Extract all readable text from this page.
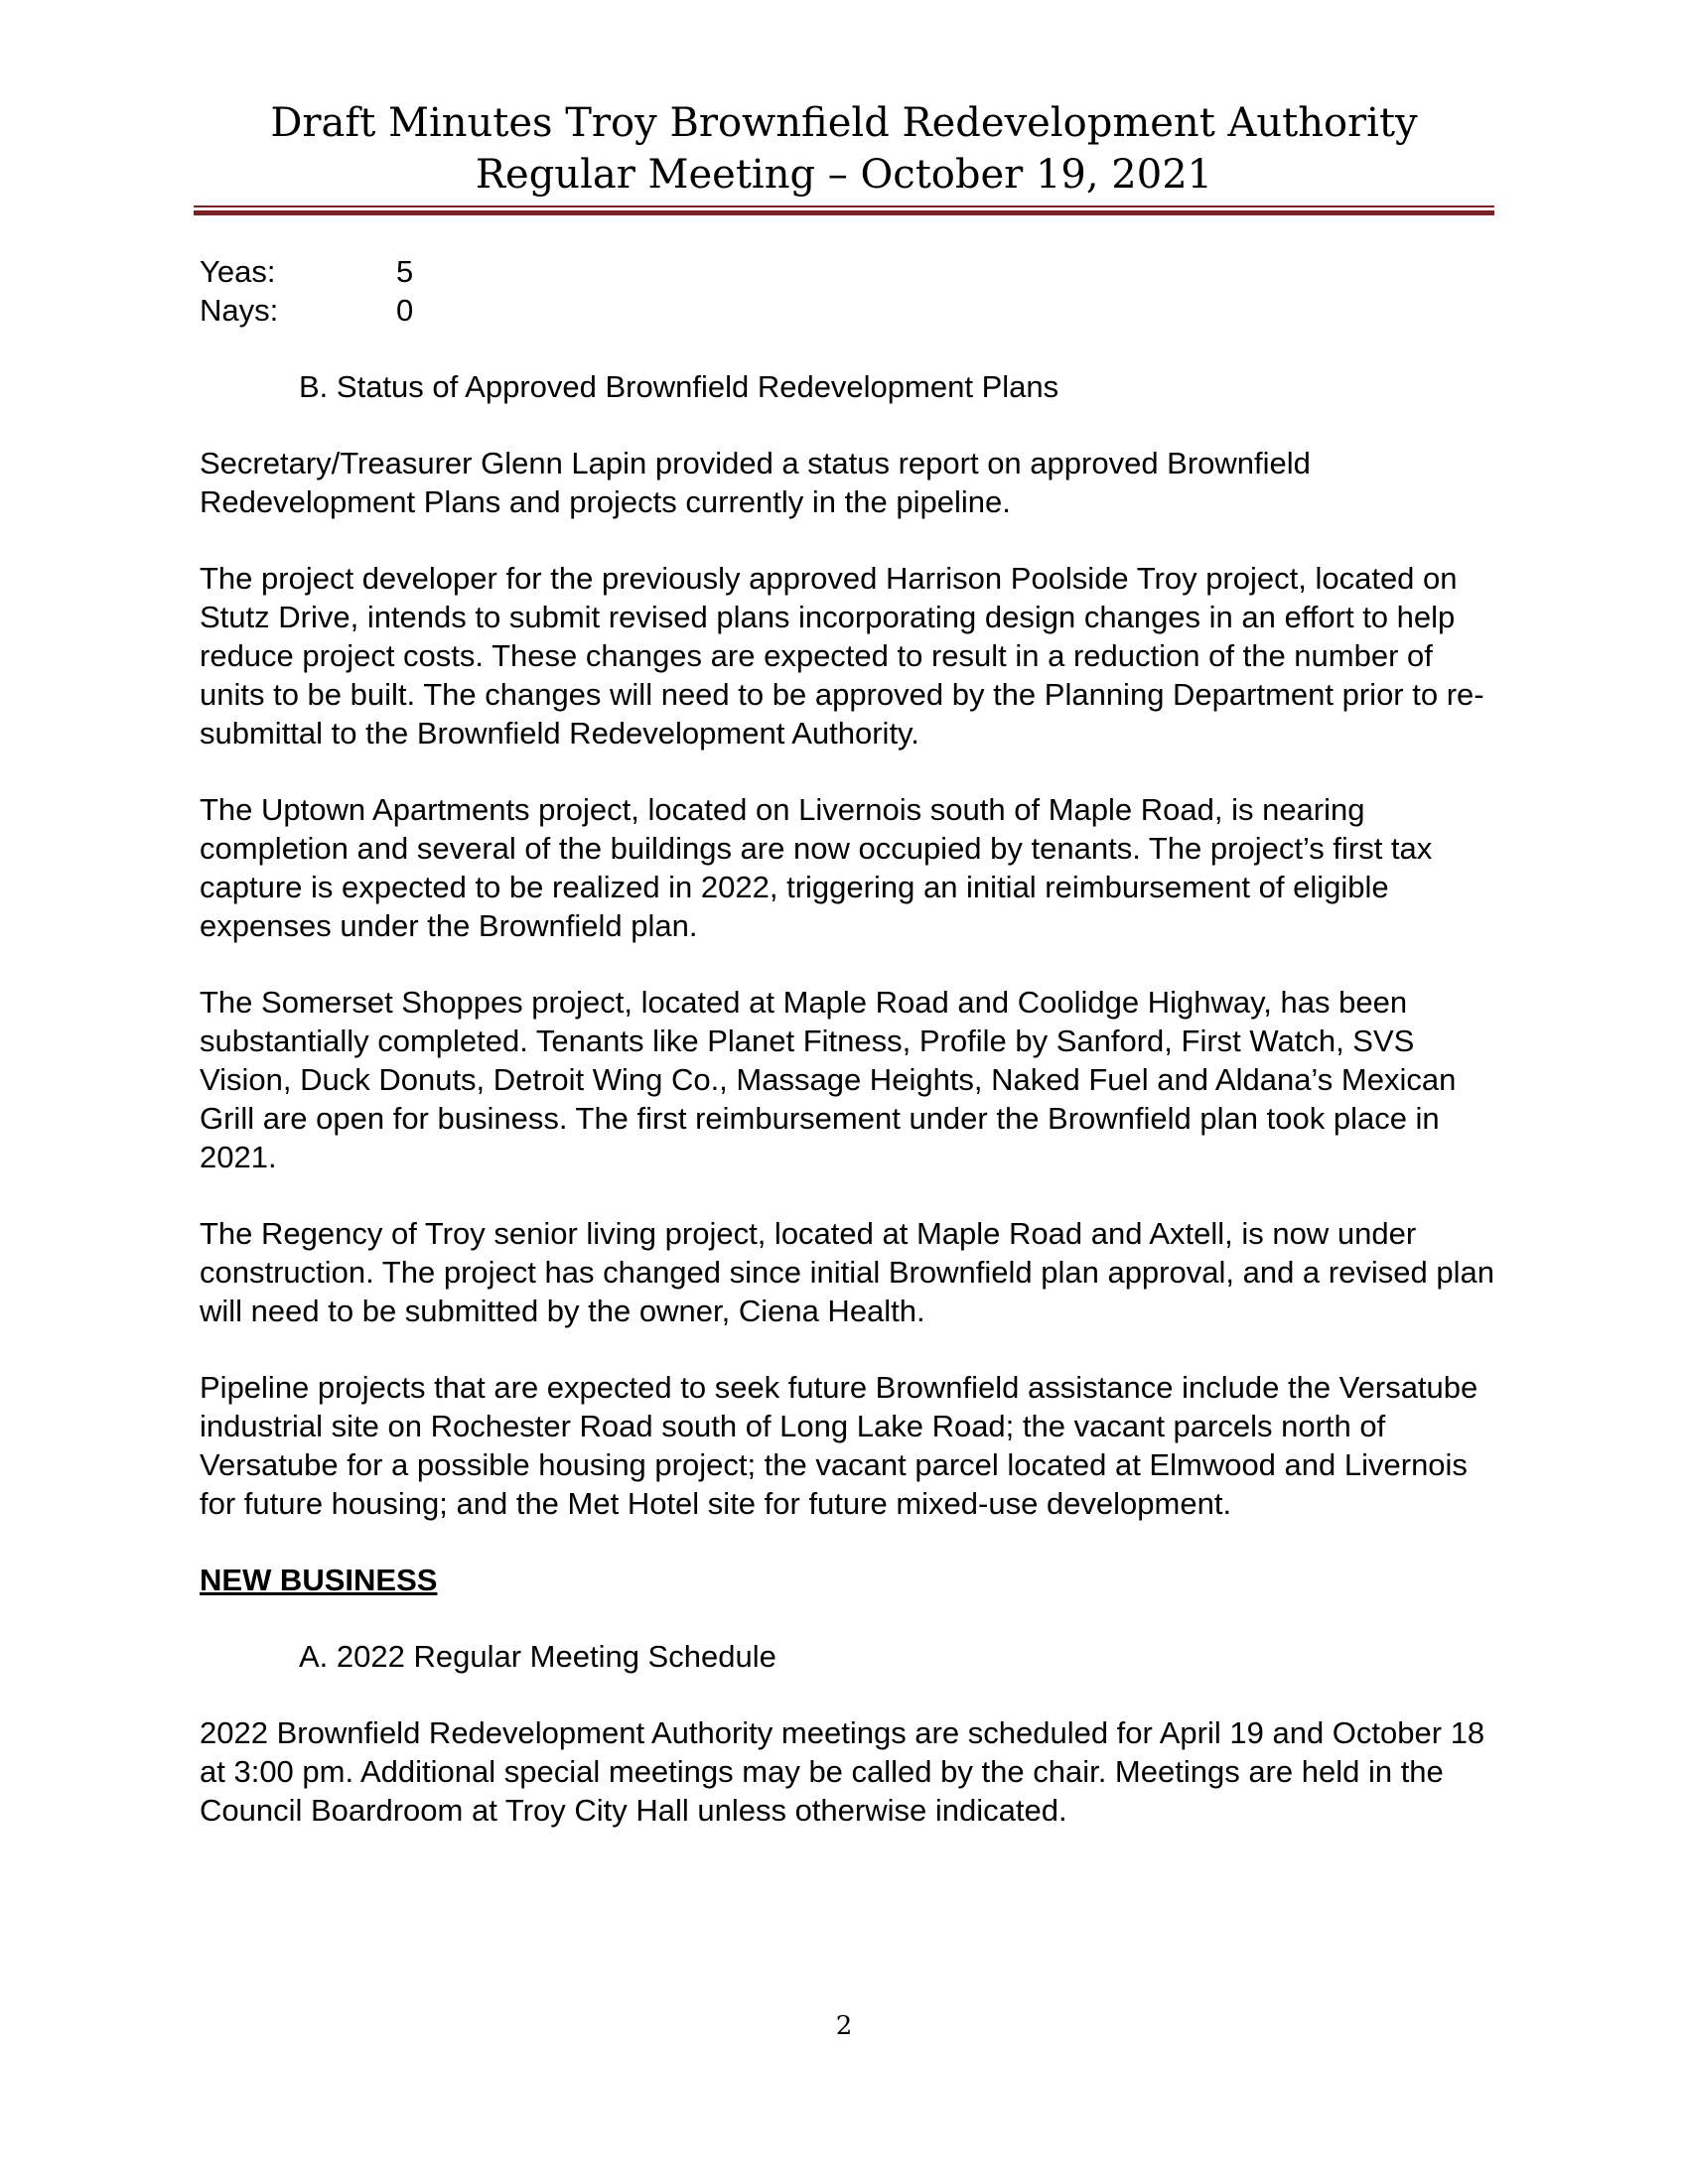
Draft Minutes Troy Brownfield Redevelopment Authority
Regular Meeting – October 19, 2021
Yeas:	5
Nays:	0

B. Status of Approved Brownfield Redevelopment Plans

Secretary/Treasurer Glenn Lapin provided a status report on approved Brownfield Redevelopment Plans and projects currently in the pipeline.

The project developer for the previously approved Harrison Poolside Troy project, located on Stutz Drive, intends to submit revised plans incorporating design changes in an effort to help reduce project costs. These changes are expected to result in a reduction of the number of units to be built. The changes will need to be approved by the Planning Department prior to re-submittal to the Brownfield Redevelopment Authority.

The Uptown Apartments project, located on Livernois south of Maple Road, is nearing completion and several of the buildings are now occupied by tenants. The project’s first tax capture is expected to be realized in 2022, triggering an initial reimbursement of eligible expenses under the Brownfield plan.

The Somerset Shoppes project, located at Maple Road and Coolidge Highway, has been substantially completed. Tenants like Planet Fitness, Profile by Sanford, First Watch, SVS Vision, Duck Donuts, Detroit Wing Co., Massage Heights, Naked Fuel and Aldana’s Mexican Grill are open for business. The first reimbursement under the Brownfield plan took place in 2021.

The Regency of Troy senior living project, located at Maple Road and Axtell, is now under construction. The project has changed since initial Brownfield plan approval, and a revised plan will need to be submitted by the owner, Ciena Health.

Pipeline projects that are expected to seek future Brownfield assistance include the Versatube industrial site on Rochester Road south of Long Lake Road; the vacant parcels north of Versatube for a possible housing project; the vacant parcel located at Elmwood and Livernois for future housing; and the Met Hotel site for future mixed-use development.

NEW BUSINESS

A. 2022 Regular Meeting Schedule

2022 Brownfield Redevelopment Authority meetings are scheduled for April 19 and October 18 at 3:00 pm. Additional special meetings may be called by the chair. Meetings are held in the Council Boardroom at Troy City Hall unless otherwise indicated.

2
